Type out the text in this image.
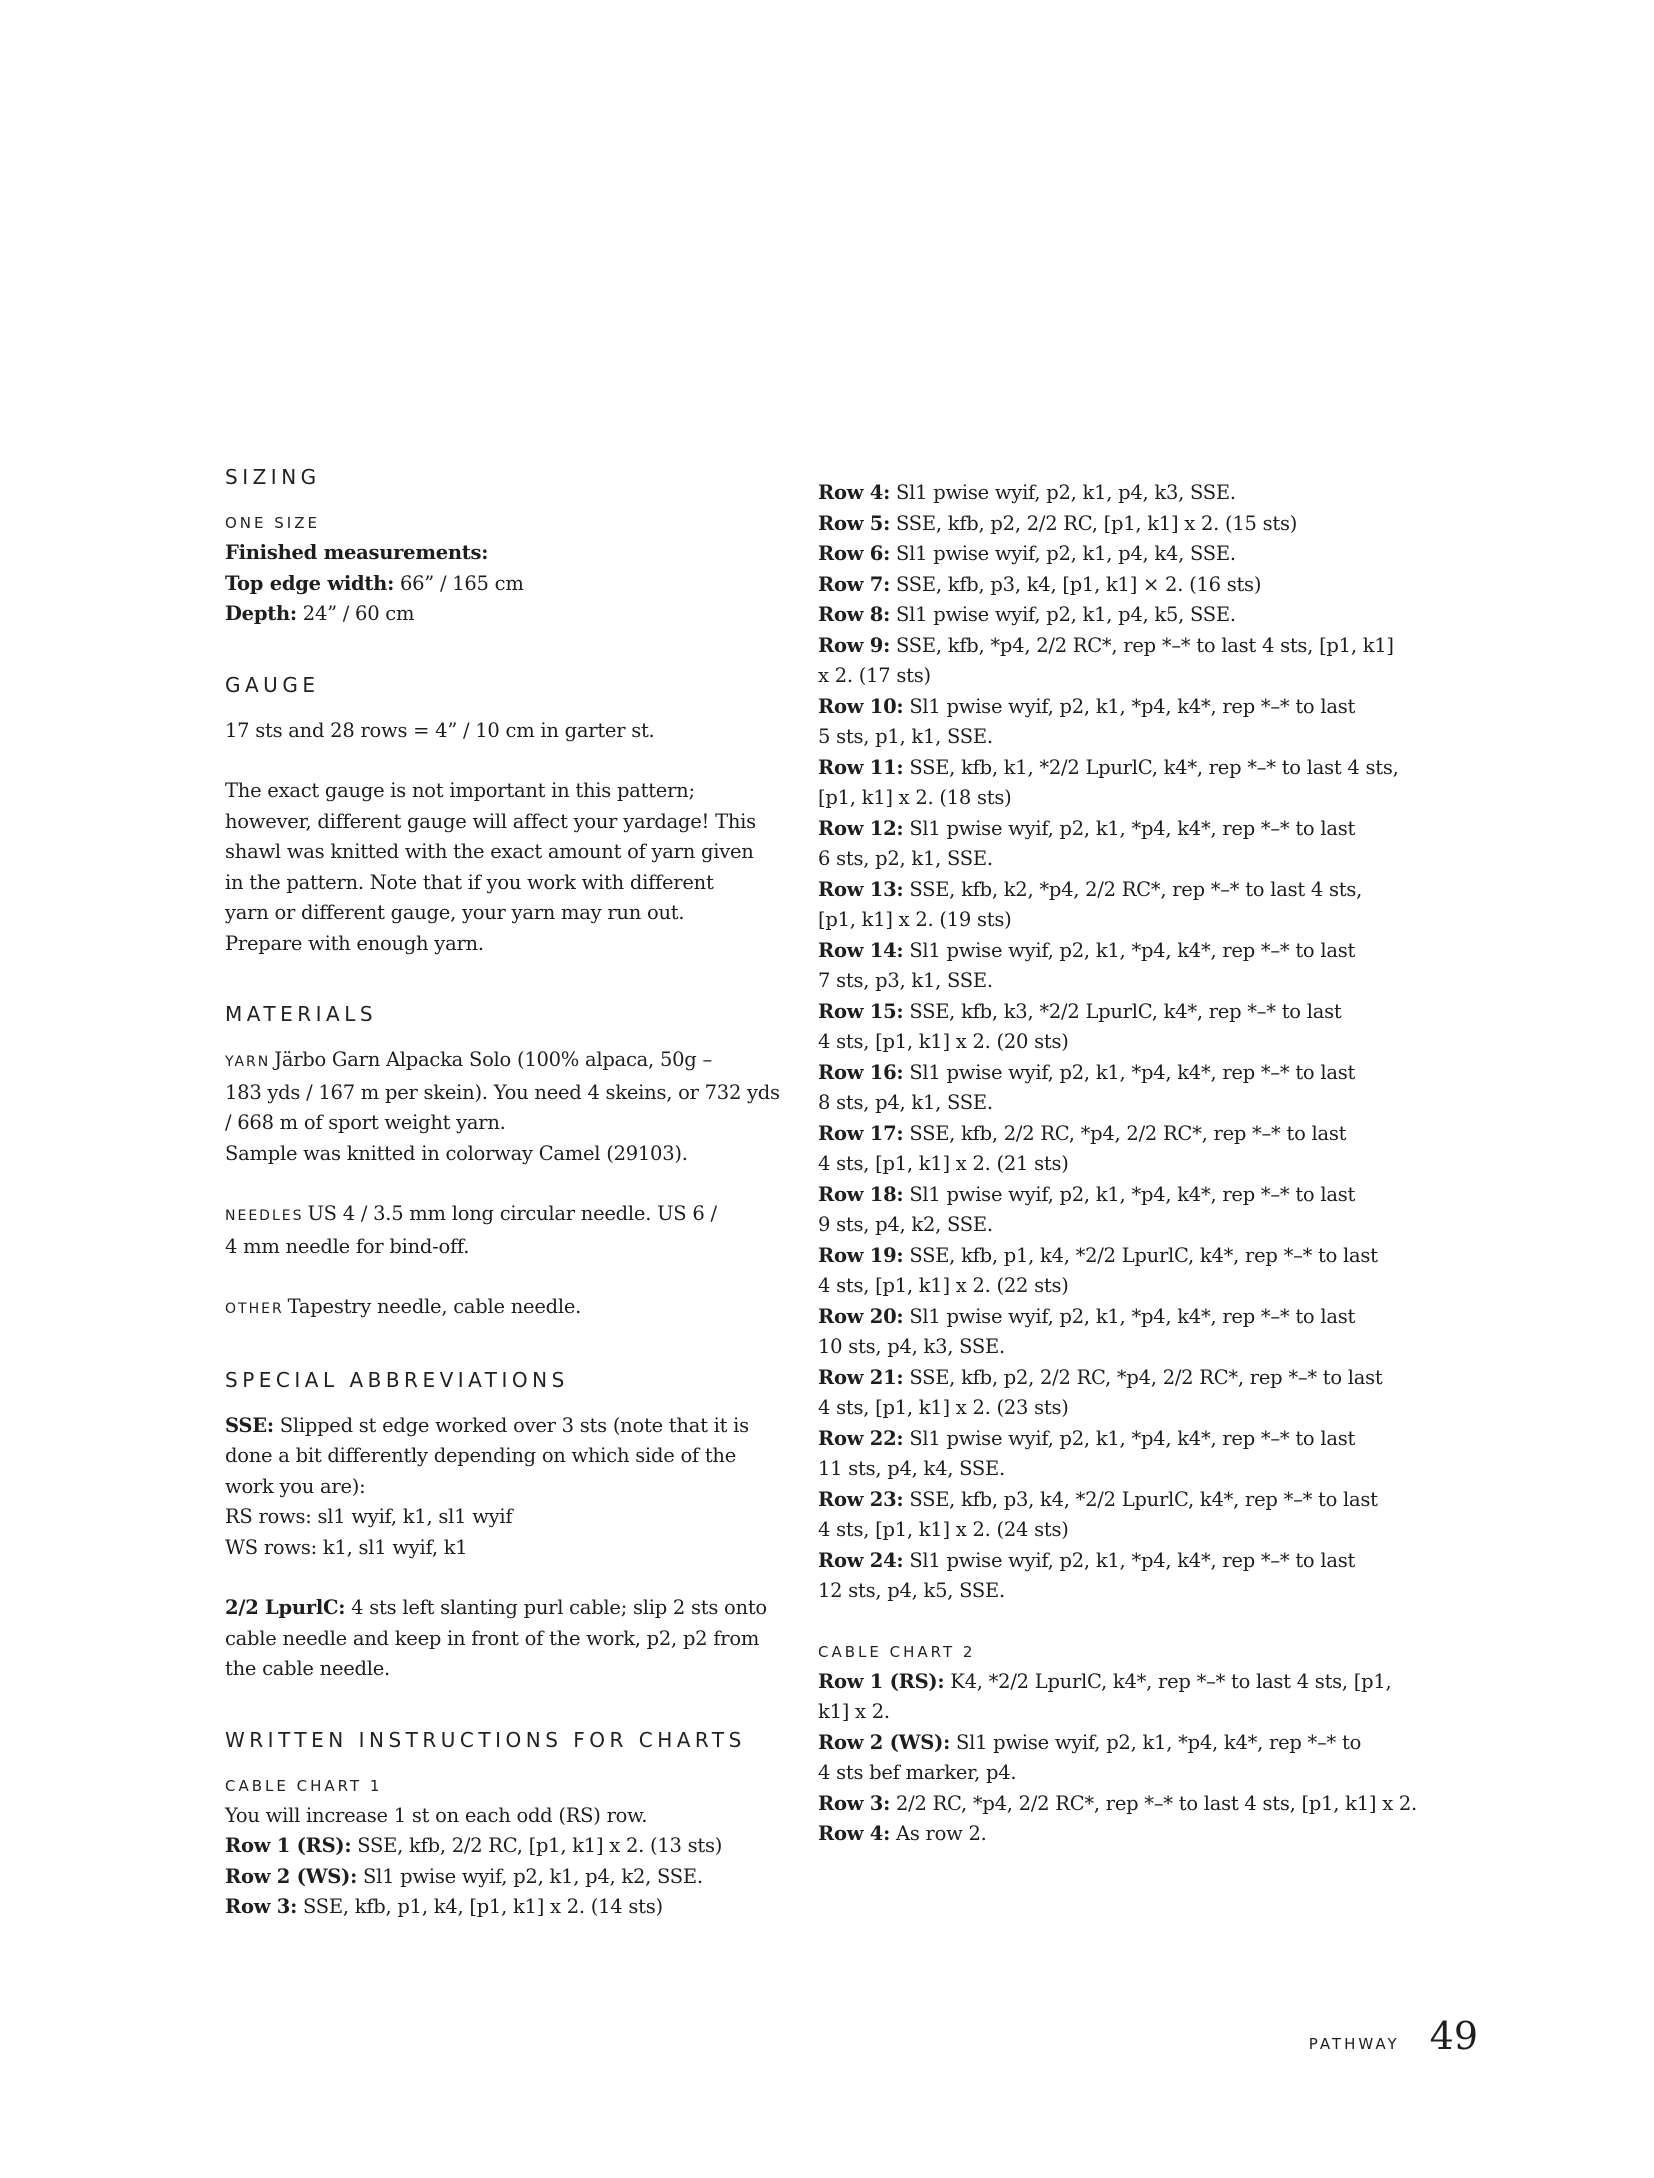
SIZING
ONE SIZE
Finished measurements:
Top edge width: 66” / 165 cm
Depth: 24” / 60 cm
GAUGE
17 sts and 28 rows = 4” / 10 cm in garter st.
The exact gauge is not important in this pattern;
however, different gauge will affect your yardage! This
shawl was knitted with the exact amount of yarn given
in the pattern. Note that if you work with different
yarn or different gauge, your yarn may run out.
Prepare with enough yarn.
MATERIALS
YARN Järbo Garn Alpacka Solo (100% alpaca, 50g –
183 yds / 167 m per skein). You need 4 skeins, or 732 yds
/ 668 m of sport weight yarn.
Sample was knitted in colorway Camel (29103).
NEEDLES US 4 / 3.5 mm long circular needle. US 6 /
4 mm needle for bind-off.
OTHER Tapestry needle, cable needle.
SPECIAL ABBREVIATIONS
SSE: Slipped st edge worked over 3 sts (note that it is
done a bit differently depending on which side of the
work you are):
RS rows: sl1 wyif, k1, sl1 wyif
WS rows: k1, sl1 wyif, k1
2/2 LpurlC: 4 sts left slanting purl cable; slip 2 sts onto
cable needle and keep in front of the work, p2, p2 from
the cable needle.
WRITTEN INSTRUCTIONS FOR CHARTS
CABLE CHART 1
You will increase 1 st on each odd (RS) row.
Row 1 (RS): SSE, kfb, 2/2 RC, [p1, k1] x 2. (13 sts)
Row 2 (WS): Sl1 pwise wyif, p2, k1, p4, k2, SSE.
Row 3: SSE, kfb, p1, k4, [p1, k1] x 2. (14 sts)
Row 4: Sl1 pwise wyif, p2, k1, p4, k3, SSE.
Row 5: SSE, kfb, p2, 2/2 RC, [p1, k1] x 2. (15 sts)
Row 6: Sl1 pwise wyif, p2, k1, p4, k4, SSE.
Row 7: SSE, kfb, p3, k4, [p1, k1] × 2. (16 sts)
Row 8: Sl1 pwise wyif, p2, k1, p4, k5, SSE.
Row 9: SSE, kfb, *p4, 2/2 RC*, rep *–* to last 4 sts, [p1, k1]
x 2. (17 sts)
Row 10: Sl1 pwise wyif, p2, k1, *p4, k4*, rep *–* to last
5 sts, p1, k1, SSE.
Row 11: SSE, kfb, k1, *2/2 LpurlC, k4*, rep *–* to last 4 sts,
[p1, k1] x 2. (18 sts)
Row 12: Sl1 pwise wyif, p2, k1, *p4, k4*, rep *–* to last
6 sts, p2, k1, SSE.
Row 13: SSE, kfb, k2, *p4, 2/2 RC*, rep *–* to last 4 sts,
[p1, k1] x 2. (19 sts)
Row 14: Sl1 pwise wyif, p2, k1, *p4, k4*, rep *–* to last
7 sts, p3, k1, SSE.
Row 15: SSE, kfb, k3, *2/2 LpurlC, k4*, rep *–* to last
4 sts, [p1, k1] x 2. (20 sts)
Row 16: Sl1 pwise wyif, p2, k1, *p4, k4*, rep *–* to last
8 sts, p4, k1, SSE.
Row 17: SSE, kfb, 2/2 RC, *p4, 2/2 RC*, rep *–* to last
4 sts, [p1, k1] x 2. (21 sts)
Row 18: Sl1 pwise wyif, p2, k1, *p4, k4*, rep *–* to last
9 sts, p4, k2, SSE.
Row 19: SSE, kfb, p1, k4, *2/2 LpurlC, k4*, rep *–* to last
4 sts, [p1, k1] x 2. (22 sts)
Row 20: Sl1 pwise wyif, p2, k1, *p4, k4*, rep *–* to last
10 sts, p4, k3, SSE.
Row 21: SSE, kfb, p2, 2/2 RC, *p4, 2/2 RC*, rep *–* to last
4 sts, [p1, k1] x 2. (23 sts)
Row 22: Sl1 pwise wyif, p2, k1, *p4, k4*, rep *–* to last
11 sts, p4, k4, SSE.
Row 23: SSE, kfb, p3, k4, *2/2 LpurlC, k4*, rep *–* to last
4 sts, [p1, k1] x 2. (24 sts)
Row 24: Sl1 pwise wyif, p2, k1, *p4, k4*, rep *–* to last
12 sts, p4, k5, SSE.
CABLE CHART 2
Row 1 (RS): K4, *2/2 LpurlC, k4*, rep *–* to last 4 sts, [p1,
k1] x 2.
Row 2 (WS): Sl1 pwise wyif, p2, k1, *p4, k4*, rep *–* to
4 sts bef marker, p4.
Row 3: 2/2 RC, *p4, 2/2 RC*, rep *–* to last 4 sts, [p1, k1] x 2.
Row 4: As row 2.
PATHWAY 49
